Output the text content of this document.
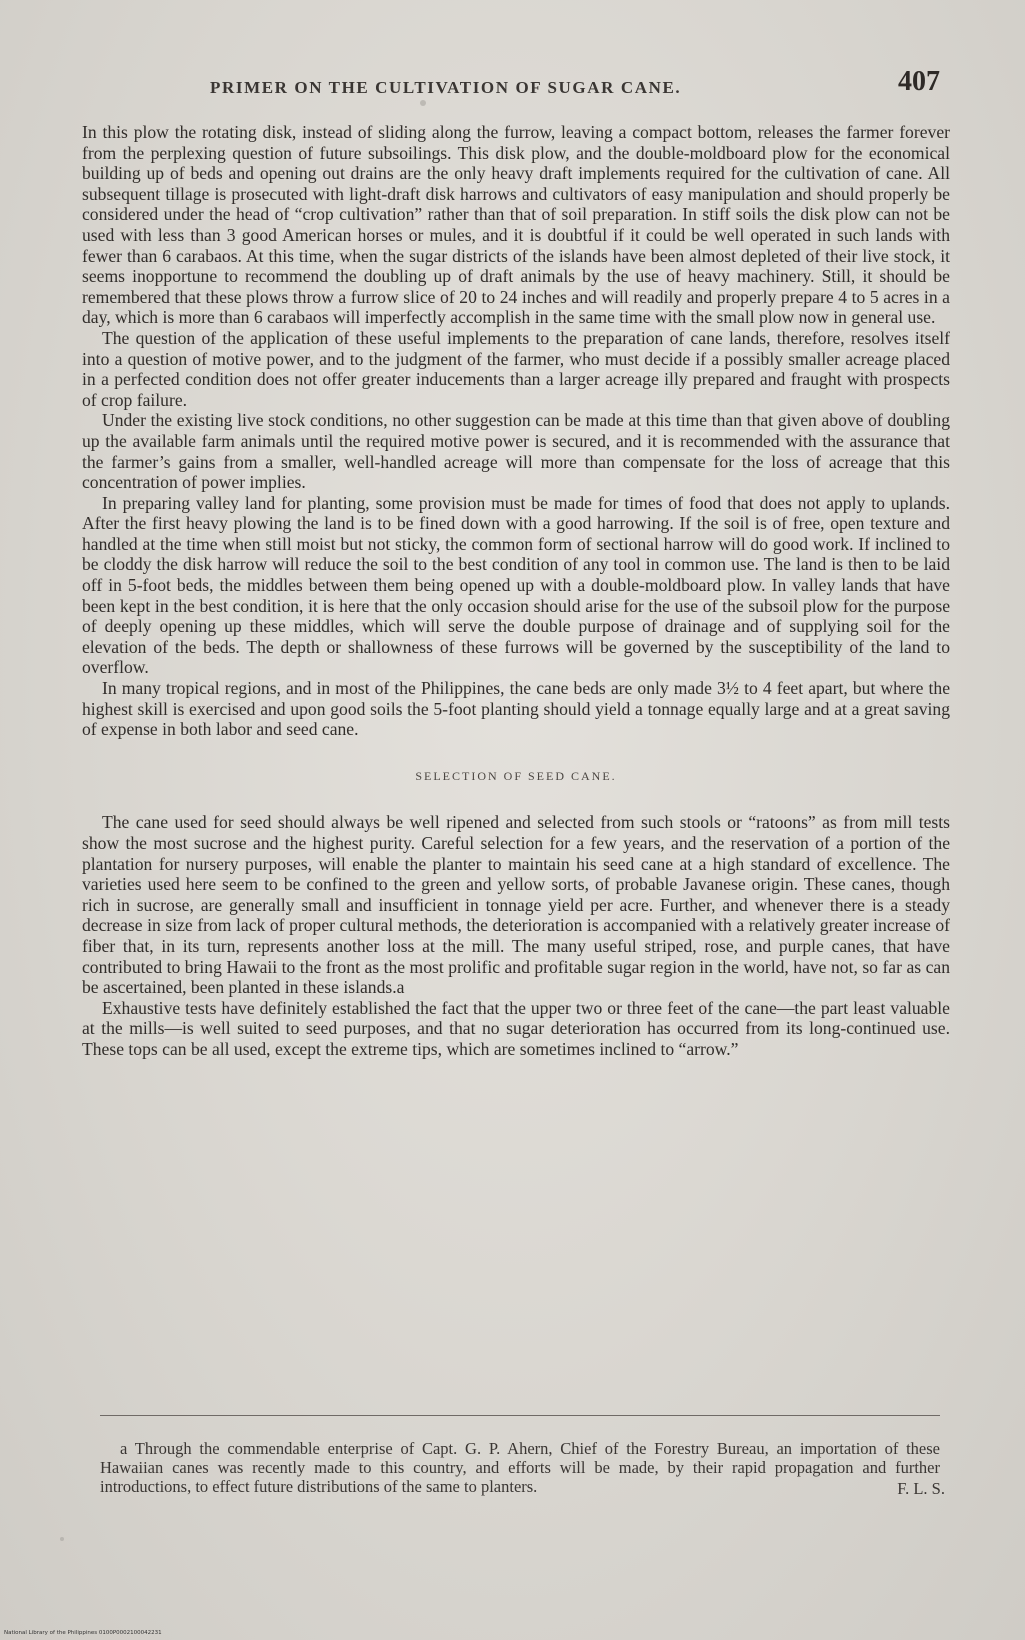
PRIMER ON THE CULTIVATION OF SUGAR CANE.	407

In this plow the rotating disk, instead of sliding along the furrow, leaving a compact bottom, releases the farmer forever from the perplexing question of future subsoilings. This disk plow, and the double-moldboard plow for the economical building up of beds and opening out drains are the only heavy draft implements required for the cultivation of cane. All subsequent tillage is prosecuted with light-draft disk harrows and cultivators of easy manipulation and should properly be considered under the head of “crop cultivation” rather than that of soil preparation. In stiff soils the disk plow can not be used with less than 3 good American horses or mules, and it is doubtful if it could be well operated in such lands with fewer than 6 carabaos. At this time, when the sugar districts of the islands have been almost depleted of their live stock, it seems inopportune to recommend the doubling up of draft animals by the use of heavy machinery. Still, it should be remembered that these plows throw a furrow slice of 20 to 24 inches and will readily and properly prepare 4 to 5 acres in a day, which is more than 6 carabaos will imperfectly accomplish in the same time with the small plow now in general use.

The question of the application of these useful implements to the preparation of cane lands, therefore, resolves itself into a question of motive power, and to the judgment of the farmer, who must decide if a possibly smaller acreage placed in a perfected condition does not offer greater inducements than a larger acreage illy prepared and fraught with prospects of crop failure.

Under the existing live stock conditions, no other suggestion can be made at this time than that given above of doubling up the available farm animals until the required motive power is secured, and it is recommended with the assurance that the farmer’s gains from a smaller, well-handled acreage will more than compensate for the loss of acreage that this concentration of power implies.

In preparing valley land for planting, some provision must be made for times of food that does not apply to uplands. After the first heavy plowing the land is to be fined down with a good harrowing. If the soil is of free, open texture and handled at the time when still moist but not sticky, the common form of sectional harrow will do good work. If inclined to be cloddy the disk harrow will reduce the soil to the best condition of any tool in common use. The land is then to be laid off in 5-foot beds, the middles between them being opened up with a double-moldboard plow. In valley lands that have been kept in the best condition, it is here that the only occasion should arise for the use of the subsoil plow for the purpose of deeply opening up these middles, which will serve the double purpose of drainage and of supplying soil for the elevation of the beds. The depth or shallowness of these furrows will be governed by the susceptibility of the land to overflow.

In many tropical regions, and in most of the Philippines, the cane beds are only made 3½ to 4 feet apart, but where the highest skill is exercised and upon good soils the 5-foot planting should yield a tonnage equally large and at a great saving of expense in both labor and seed cane.

SELECTION OF SEED CANE.

The cane used for seed should always be well ripened and selected from such stools or “ratoons” as from mill tests show the most sucrose and the highest purity. Careful selection for a few years, and the reservation of a portion of the plantation for nursery purposes, will enable the planter to maintain his seed cane at a high standard of excellence. The varieties used here seem to be confined to the green and yellow sorts, of probable Javanese origin. These canes, though rich in sucrose, are generally small and insufficient in tonnage yield per acre. Further, and whenever there is a steady decrease in size from lack of proper cultural methods, the deterioration is accompanied with a relatively greater increase of fiber that, in its turn, represents another loss at the mill. The many useful striped, rose, and purple canes, that have contributed to bring Hawaii to the front as the most prolific and profitable sugar region in the world, have not, so far as can be ascertained, been planted in these islands.a

Exhaustive tests have definitely established the fact that the upper two or three feet of the cane—the part least valuable at the mills—is well suited to seed purposes, and that no sugar deterioration has occurred from its long-continued use. These tops can be all used, except the extreme tips, which are sometimes inclined to “arrow.”

a Through the commendable enterprise of Capt. G. P. Ahern, Chief of the Forestry Bureau, an importation of these Hawaiian canes was recently made to this country, and efforts will be made, by their rapid propagation and further introductions, to effect future distributions of the same to planters.	F. L. S.
National Library of the Philippines 0100P0002100042231
